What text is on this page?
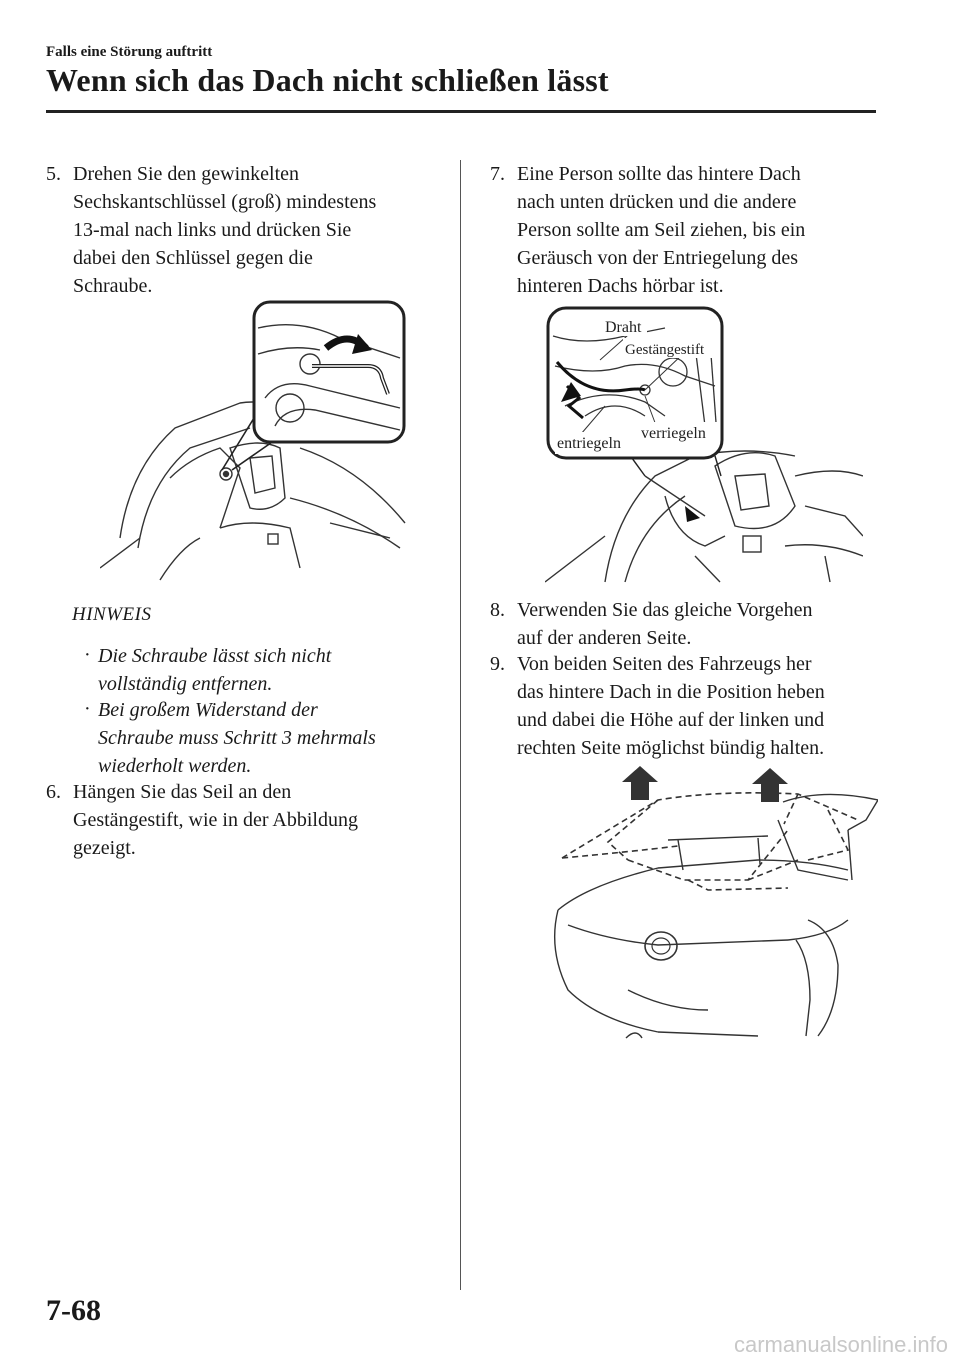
Falls eine Störung auftritt
Wenn sich das Dach nicht schließen lässt
5. Drehen Sie den gewinkelten
Sechskantschlüssel (groß) mindestens
13-mal nach links und drücken Sie
dabei den Schlüssel gegen die
Schraube.
HINWEIS
· Die Schraube lässt sich nicht
vollständig entfernen.
· Bei großem Widerstand der
Schraube muss Schritt 3 mehrmals
wiederholt werden.
6. Hängen Sie das Seil an den
Gestängestift, wie in der Abbildung
gezeigt.
7. Eine Person sollte das hintere Dach
nach unten drücken und die andere
Person sollte am Seil ziehen, bis ein
Geräusch von der Entriegelung des
hinteren Dachs hörbar ist.
Draht
Gestängestift
entriegeln
verriegeln
8. Verwenden Sie das gleiche Vorgehen
auf der anderen Seite.
9. Von beiden Seiten des Fahrzeugs her
das hintere Dach in die Position heben
und dabei die Höhe auf der linken und
rechten Seite möglichst bündig halten.
7-68
carmanualsonline.info
